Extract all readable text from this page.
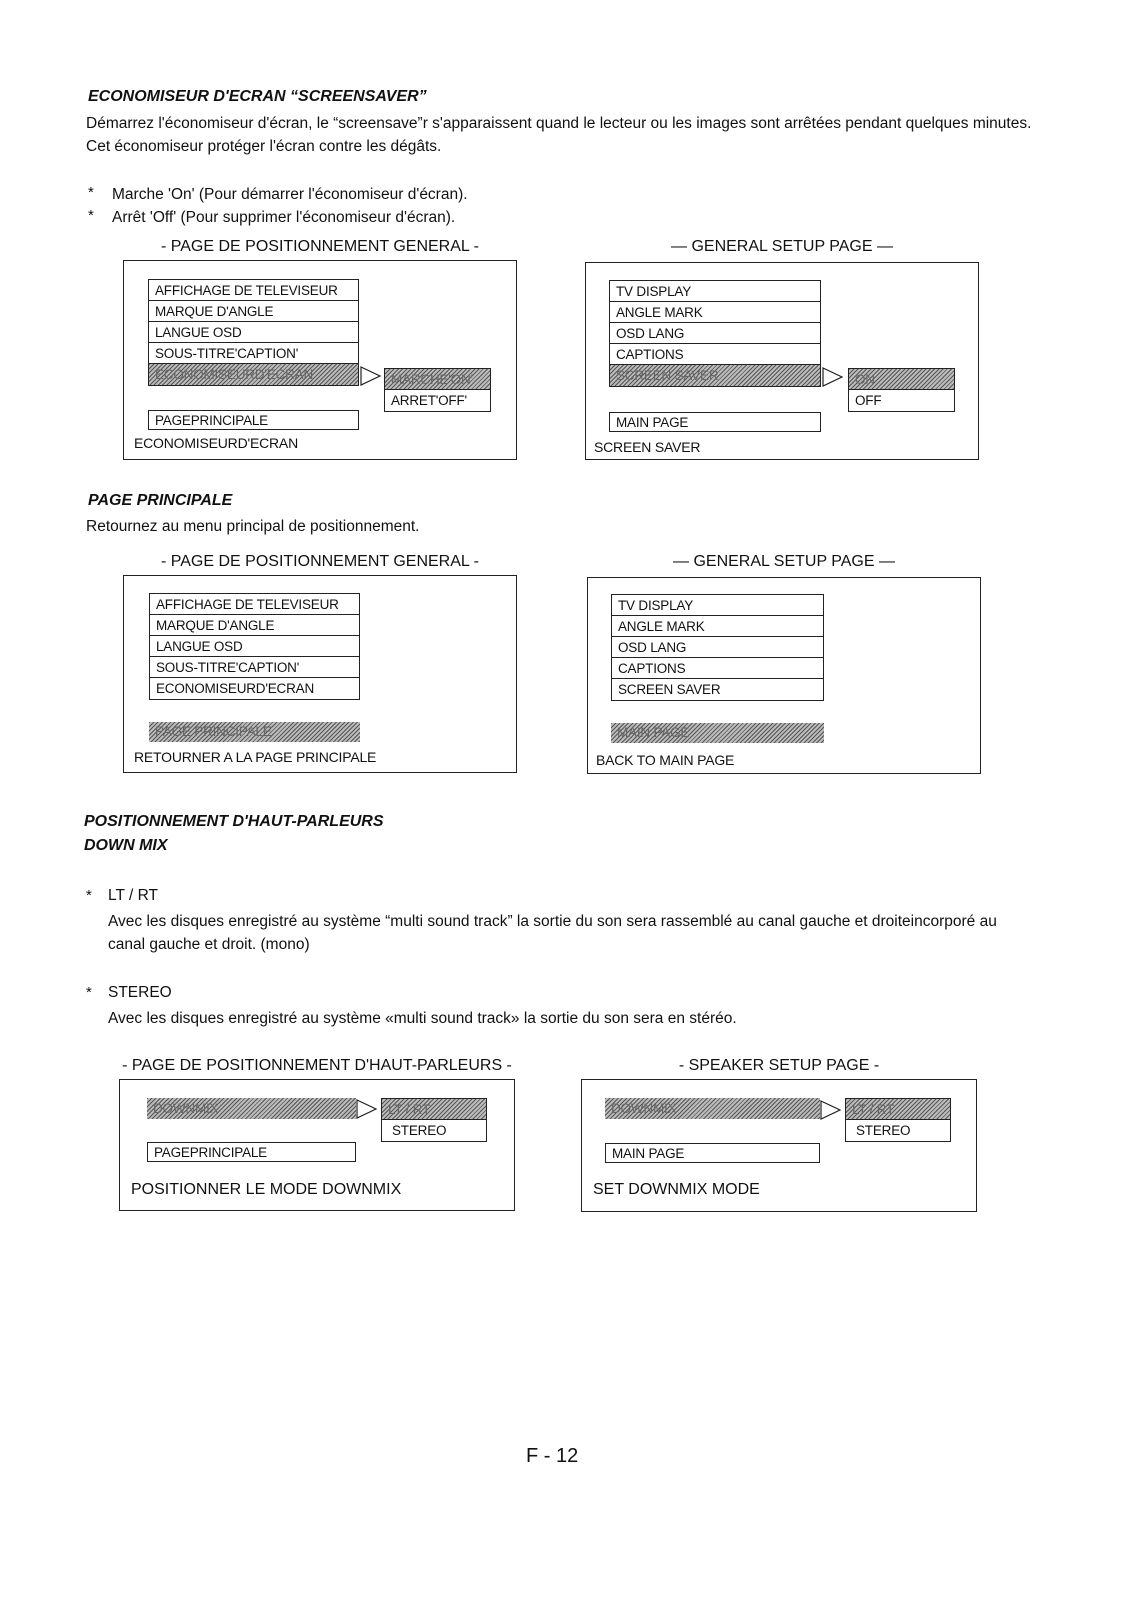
ECONOMISEUR D'ECRAN “SCREENSAVER”
Démarrez l'économiseur d'écran, le “screensave”r s'apparaissent quand le lecteur ou les images sont arrêtées pendant quelques minutes. Cet économiseur protéger l'écran contre les dégâts.
* Marche 'On' (Pour démarrer l'économiseur d'écran).
* Arrêt 'Off' (Pour supprimer l'économiseur d'écran).
- PAGE DE POSITIONNEMENT GENERAL -
AFFICHAGE DE TELEVISEUR
MARQUE D'ANGLE
LANGUE OSD
SOUS-TITRE'CAPTION'
ECONOMISEURD'ECRAN	MARCHE'ON'
ARRET'OFF'
PAGEPRINCIPALE
ECONOMISEURD'ECRAN
— GENERAL SETUP PAGE —
TV DISPLAY
ANGLE MARK
OSD LANG
CAPTIONS
SCREEN SAVER	ON
OFF
MAIN PAGE
SCREEN SAVER
PAGE PRINCIPALE
Retournez au menu principal de positionnement.
- PAGE DE POSITIONNEMENT GENERAL -
AFFICHAGE DE TELEVISEUR
MARQUE D'ANGLE
LANGUE OSD
SOUS-TITRE'CAPTION'
ECONOMISEURD'ECRAN
PAGE PRINCIPALE
RETOURNER A LA PAGE PRINCIPALE
— GENERAL SETUP PAGE —
TV DISPLAY
ANGLE MARK
OSD LANG
CAPTIONS
SCREEN SAVER
MAIN PAGE
BACK TO MAIN PAGE
POSITIONNEMENT D'HAUT-PARLEURS
DOWN MIX
* LT / RT
Avec les disques enregistré au système “multi sound track” la sortie du son sera rassemblé au canal gauche et droiteincorporé au canal gauche et droit. (mono)
* STEREO
Avec les disques enregistré au système «multi sound track» la sortie du son sera en stéréo.
- PAGE DE POSITIONNEMENT D'HAUT-PARLEURS -
DOWNMIX	LT / RT
STEREO
PAGEPRINCIPALE
POSITIONNER LE MODE DOWNMIX
- SPEAKER SETUP PAGE -
DOWNMIX	LT / RT
STEREO
MAIN PAGE
SET DOWNMIX MODE
F - 12
